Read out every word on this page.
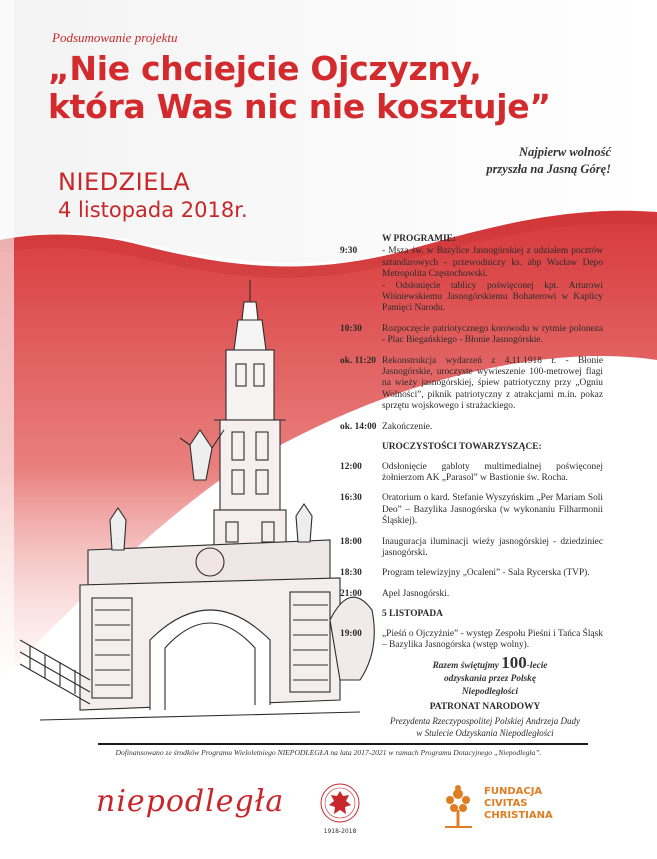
Podsumowanie projektu
„Nie chciejcie Ojczyzny,
która Was nic nie kosztuje”
Najpierw wolność
przyszła na Jasną Górę!
NIEDZIELA
4 listopada 2018r.
W PROGRAMIE:
9:30	- Msza św. w Bazylice Jasnogórskiej z udziałem pocztów sztandarowych - przewodniczy ks. abp Wacław Depo Metropolita Częstochowski.
- Odsłonięcie tablicy poświęconej kpt. Arturowi Wiśniewskiemu Jasnogórskiemu Bohaterowi w Kaplicy Pamięci Narodu.
10:30	Rozpoczęcie patriotycznego korowodu w rytmie poloneza - Plac Biegańskiego - Błonie Jasnogórskie.
ok. 11:20 Rekonstrukcja wydarzeń z 4.11.1918 r. - Błonie Jasnogórskie, uroczyste wywieszenie 100-metrowej flagi na wieży jasnogórskiej, śpiew patriotyczny przy „Ogniu Wolności”, piknik patriotyczny z atrakcjami m.in. pokaz sprzętu wojskowego i strażackiego.
ok. 14:00 Zakończenie.
UROCZYSTOŚCI TOWARZYSZĄCE:
12:00	Odsłonięcie gabloty multimedialnej poświęconej żołnierzom AK „Parasol” w Bastionie św. Rocha.
16:30	Oratorium o kard. Stefanie Wyszyńskim „Per Mariam Soli Deo” – Bazylika Jasnogórska (w wykonaniu Filharmonii Śląskiej).
18:00	Inauguracja iluminacji wieży jasnogórskiej - dziedziniec jasnogórski.
18:30	Program telewizyjny „Ocaleni” - Sala Rycerska (TVP).
21:00	Apel Jasnogórski.
5 LISTOPADA
19:00	„Pieśń o Ojczyźnie” - występ Zespołu Pieśni i Tańca Śląsk – Bazylika Jasnogórska (wstęp wolny).
Razem świętujmy 100-lecie
odzyskania przez Polskę
Niepodległości
PATRONAT NARODOWY
Prezydenta Rzeczypospolitej Polskiej Andrzeja Dudy
w Stulecie Odzyskania Niepodległości
Dofinansowano ze środków Programu Wieloletniego NIEPODLEGŁA na lata 2017-2021 w ramach Programu Dotacyjnego „Niepodległa”.
niepodległa
1918-2018
FUNDACJA
CIVITAS
CHRISTIANA
